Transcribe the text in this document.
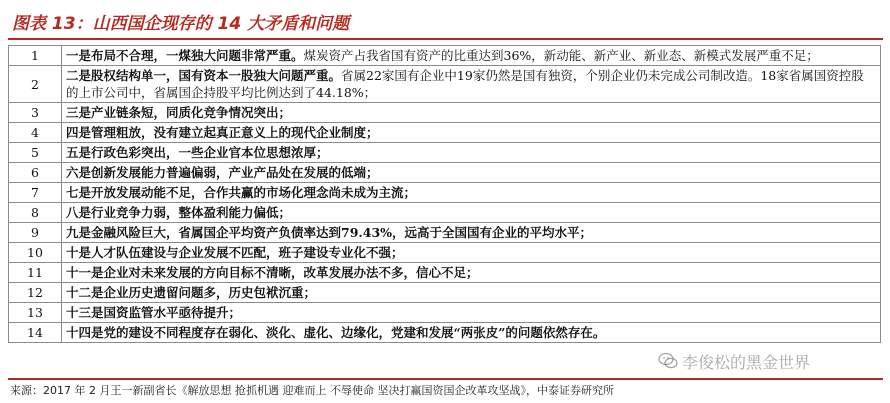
图表 13：山西国企现存的 14 大矛盾和问题
1	一是布局不合理，一煤独大问题非常严重。煤炭资产占我省国有资产的比重达到36%，新动能、新产业、新业态、新模式发展严重不足；
2	二是股权结构单一，国有资本一股独大问题严重。省属22家国有企业中19家仍然是国有独资，个别企业仍未完成公司制改造。18家省属国资控股的上市公司中，省属国企持股平均比例达到了44.18%；
3	三是产业链条短，同质化竞争情况突出；
4	四是管理粗放，没有建立起真正意义上的现代企业制度；
5	五是行政色彩突出，一些企业官本位思想浓厚；
6	六是创新发展能力普遍偏弱，产业产品处在发展的低端；
7	七是开放发展动能不足，合作共赢的市场化理念尚未成为主流；
8	八是行业竞争力弱，整体盈利能力偏低；
9	九是金融风险巨大，省属国企平均资产负债率达到79.43%，远高于全国国有企业的平均水平；
10	十是人才队伍建设与企业发展不匹配，班子建设专业化不强；
11	十一是企业对未来发展的方向目标不清晰，改革发展办法不多，信心不足；
12	十二是企业历史遗留问题多，历史包袱沉重；
13	十三是国资监管水平亟待提升；
14	十四是党的建设不同程度存在弱化、淡化、虚化、边缘化，党建和发展“两张皮”的问题依然存在。
李俊松的黑金世界
来源：2017 年 2 月王一新副省长《解放思想 抢抓机遇 迎难而上 不辱使命 坚决打赢国资国企改革攻坚战》，中泰证券研究所
